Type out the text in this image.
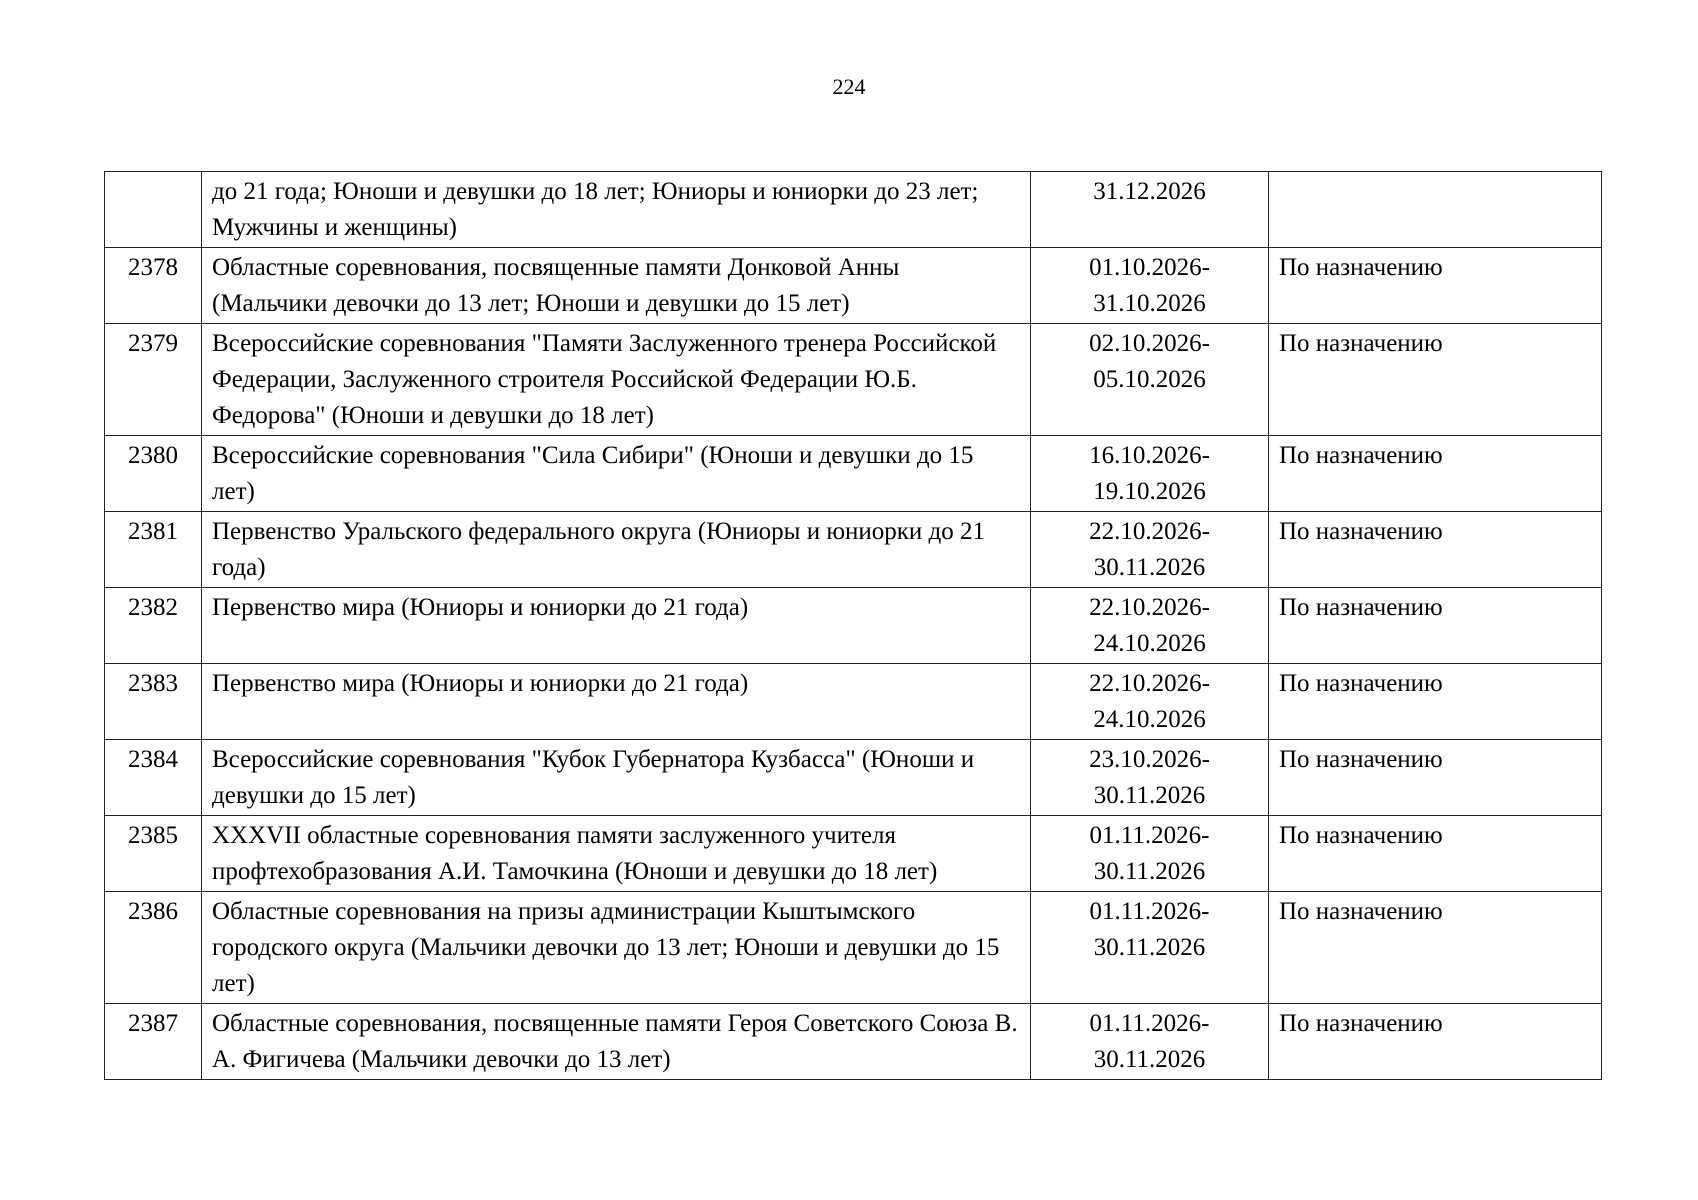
224
	до 21 года; Юноши и девушки до 18 лет; Юниоры и юниорки до 23 лет; Мужчины и женщины)	31.12.2026	

2378	Областные соревнования, посвященные памяти Донковой Анны (Мальчики девочки до 13 лет; Юноши и девушки до 15 лет)	01.10.2026-
31.10.2026	По назначению
2379	Всероссийские соревнования "Памяти Заслуженного тренера Российской Федерации, Заслуженного строителя Российской Федерации Ю.Б. Федорова" (Юноши и девушки до 18 лет)	02.10.2026-
05.10.2026	По назначению
2380	Всероссийские соревнования "Сила Сибири" (Юноши и девушки до 15 лет)	16.10.2026-
19.10.2026	По назначению
2381	Первенство Уральского федерального округа (Юниоры и юниорки до 21 года)	22.10.2026-
30.11.2026	По назначению
2382	Первенство мира (Юниоры и юниорки до 21 года)	22.10.2026-
24.10.2026	По назначению
2383	Первенство мира (Юниоры и юниорки до 21 года)	22.10.2026-
24.10.2026	По назначению
2384	Всероссийские соревнования "Кубок Губернатора Кузбасса" (Юноши и девушки до 15 лет)	23.10.2026-
30.11.2026	По назначению
2385	XXXVII областные соревнования памяти заслуженного учителя профтехобразования А.И. Тамочкина (Юноши и девушки до 18 лет)	01.11.2026-
30.11.2026	По назначению
2386	Областные соревнования на призы администрации Кыштымского городского округа (Мальчики девочки до 13 лет; Юноши и девушки до 15 лет)	01.11.2026-
30.11.2026	По назначению
2387	Областные соревнования, посвященные памяти Героя Советского Союза В. А. Фигичева (Мальчики девочки до 13 лет)	01.11.2026-
30.11.2026	По назначению
